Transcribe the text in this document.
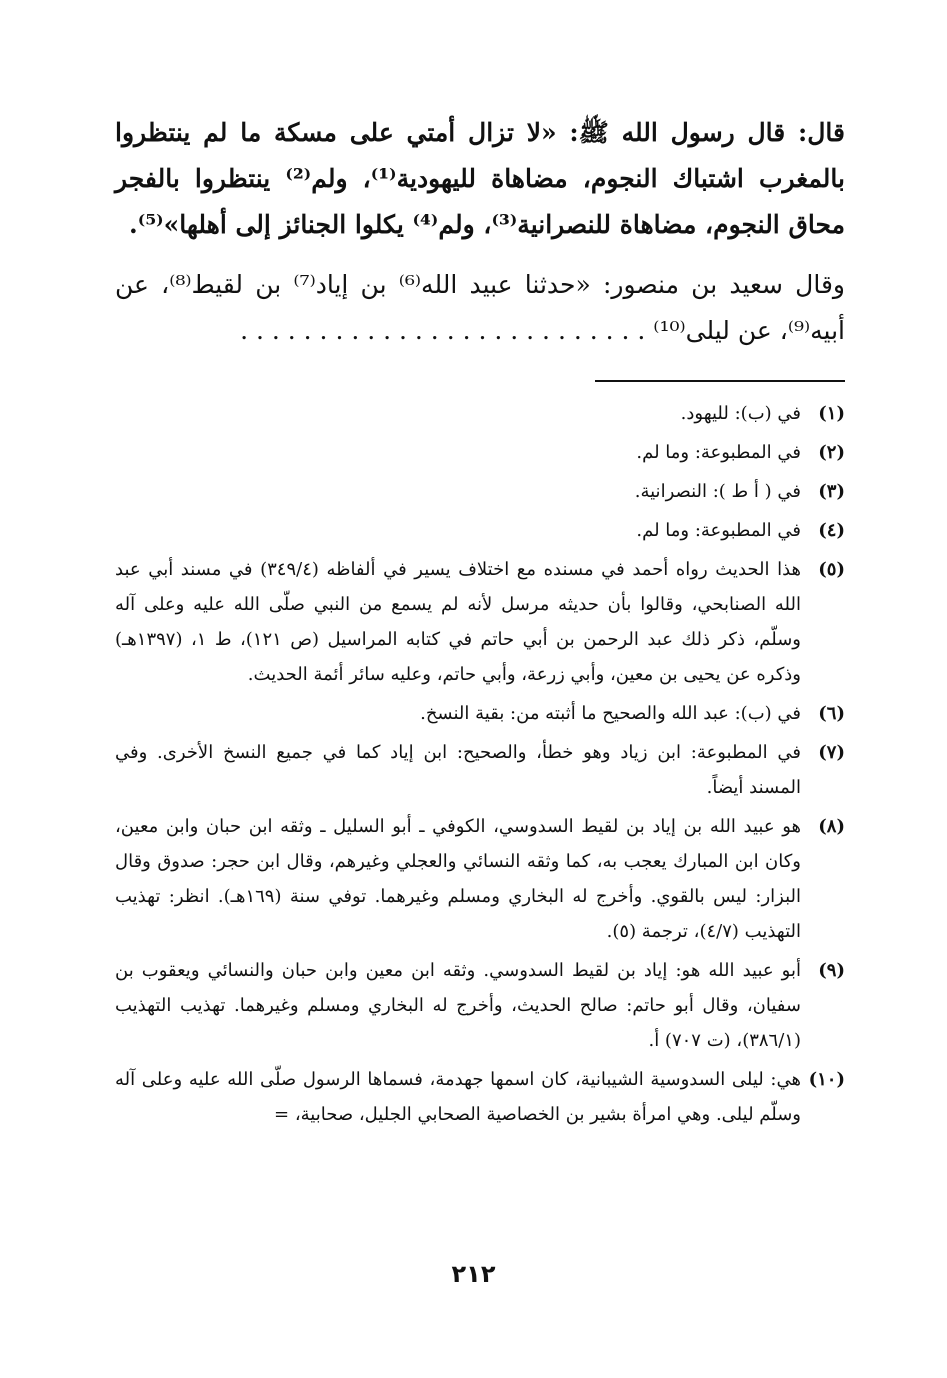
قال: قال رسول الله ﷺ: «لا تزال أمتي على مسكة ما لم ينتظروا بالمغرب اشتباك النجوم، مضاهاة لليهودية⁽¹⁾، ولم⁽²⁾ ينتظروا بالفجر محاق النجوم، مضاهاة للنصرانية⁽³⁾، ولم⁽⁴⁾ يكلوا الجنائز إلى أهلها»⁽⁵⁾.

وقال سعيد بن منصور: «حدثنا عبيد الله⁽⁶⁾ بن إياد⁽⁷⁾ بن لقيط⁽⁸⁾، عن أبيه⁽⁹⁾، عن ليلى⁽¹⁰⁾ . . . . . . . . . . . . . . . . . . . . . . . . . .

(١)
في (ب): لليهود.
(٢)
في المطبوعة: وما لم.
(٣)
في ( أ ط ): النصرانية.
(٤)
في المطبوعة: وما لم.
(٥)
هذا الحديث رواه أحمد في مسنده مع اختلاف يسير في ألفاظه (٣٤٩/٤) في مسند أبي عبد الله الصنابحي، وقالوا بأن حديثه مرسل لأنه لم يسمع من النبي صلّى الله عليه وعلى آله وسلّم، ذكر ذلك عبد الرحمن بن أبي حاتم في كتابه المراسيل (ص ١٢١)، ط ١، (١٣٩٧هـ) وذكره عن يحيى بن معين، وأبي زرعة، وأبي حاتم، وعليه سائر أئمة الحديث.
(٦)
في (ب): عبد الله والصحيح ما أثبته من: بقية النسخ.
(٧)
في المطبوعة: ابن زياد وهو خطأ، والصحيح: ابن إياد كما في جميع النسخ الأخرى. وفي المسند أيضاً.
(٨)
هو عبيد الله بن إياد بن لقيط السدوسي، الكوفي ـ أبو السليل ـ وثقه ابن حبان وابن معين، وكان ابن المبارك يعجب به، كما وثقه النسائي والعجلي وغيرهم، وقال ابن حجر: صدوق وقال البزار: ليس بالقوي. وأخرج له البخاري ومسلم وغيرهما. توفي سنة (١٦٩هـ). انظر: تهذيب التهذيب (٤/٧)، ترجمة (٥).
(٩)
أبو عبيد الله هو: إياد بن لقيط السدوسي. وثقه ابن معين وابن حبان والنسائي ويعقوب بن سفيان، وقال أبو حاتم: صالح الحديث، وأخرج له البخاري ومسلم وغيرهما. تهذيب التهذيب (٣٨٦/١)، (ت ٧٠٧) أ.
(١٠)
هي: ليلى السدوسية الشيبانية، كان اسمها جهدمة، فسماها الرسول صلّى الله عليه وعلى آله وسلّم ليلى. وهي امرأة بشير بن الخصاصية الصحابي الجليل، صحابية، =
٢١٢
